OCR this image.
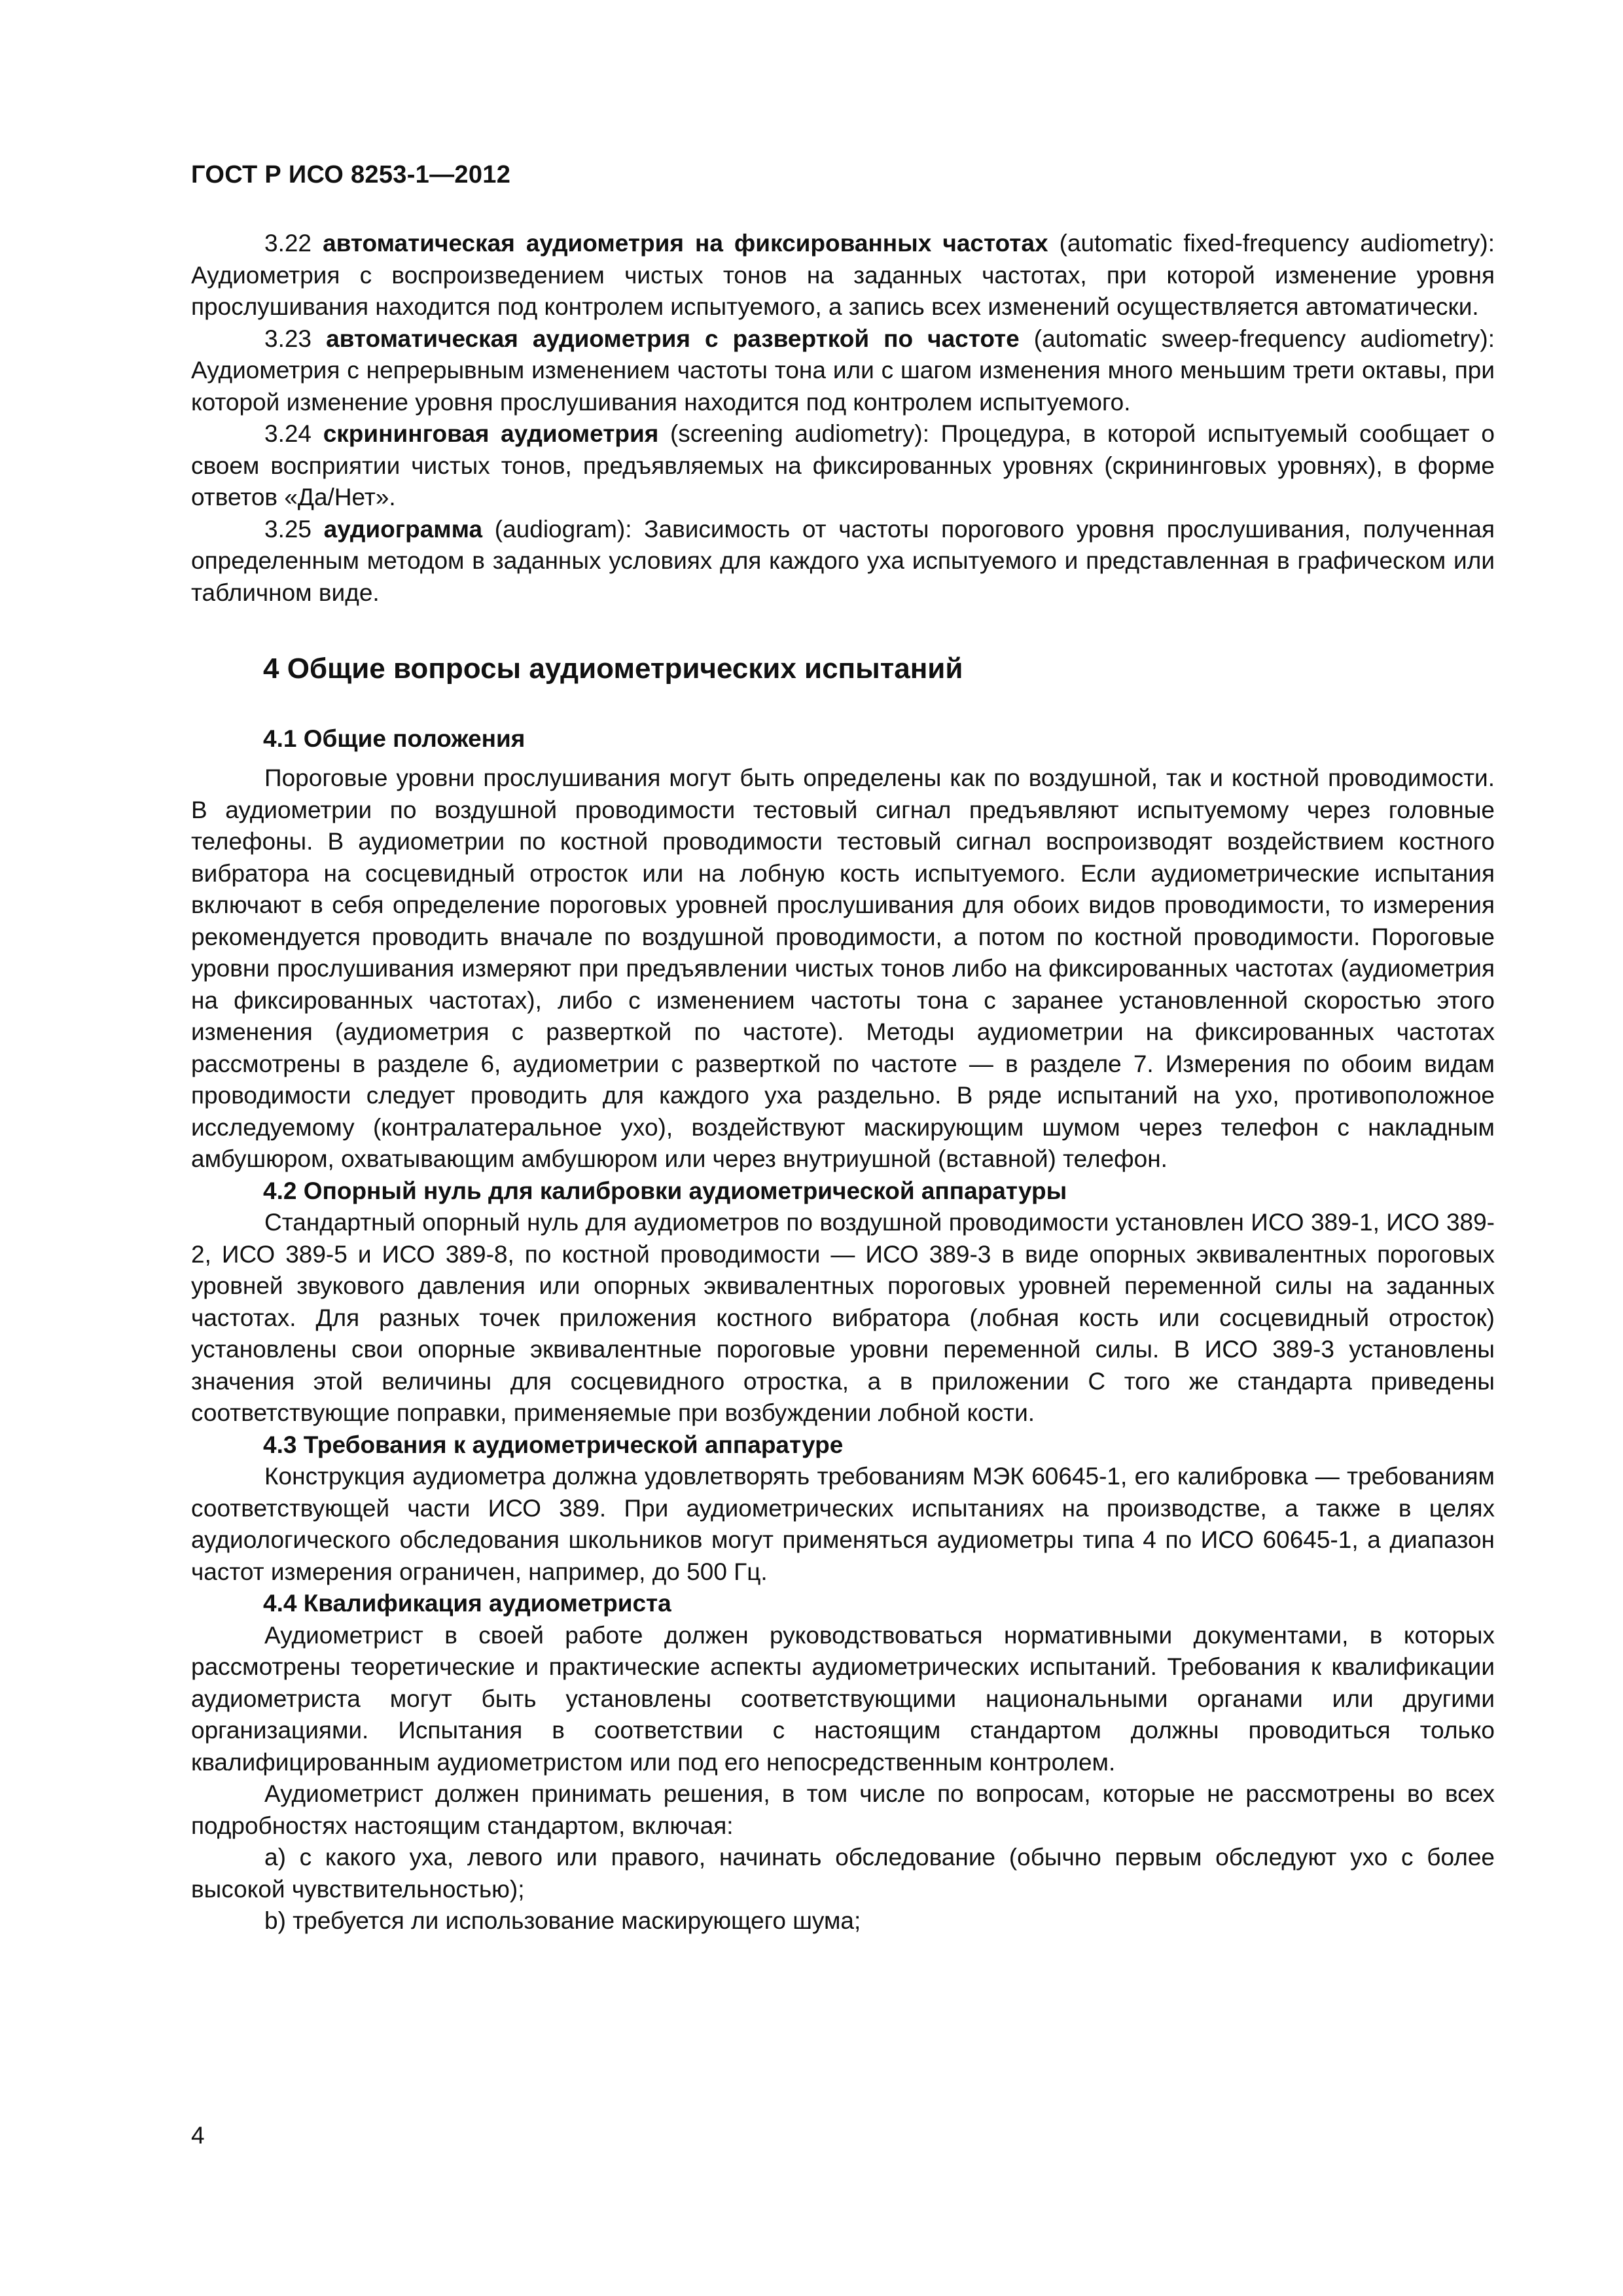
ГОСТ Р ИСО 8253-1—2012

3.22 автоматическая аудиометрия на фиксированных частотах (automatic fixed-frequency audiometry): Аудиометрия с воспроизведением чистых тонов на заданных частотах, при которой изменение уровня прослушивания находится под контролем испытуемого, а запись всех изменений осуществляется автоматически.

3.23 автоматическая аудиометрия с разверткой по частоте (automatic sweep-frequency audiometry): Аудиометрия с непрерывным изменением частоты тона или с шагом изменения много меньшим трети октавы, при которой изменение уровня прослушивания находится под контролем испытуемого.

3.24 скрининговая аудиометрия (screening audiometry): Процедура, в которой испытуемый сообщает о своем восприятии чистых тонов, предъявляемых на фиксированных уровнях (скрининговых уровнях), в форме ответов «Да/Нет».

3.25 аудиограмма (audiogram): Зависимость от частоты порогового уровня прослушивания, полученная определенным методом в заданных условиях для каждого уха испытуемого и представленная в графическом или табличном виде.

4 Общие вопросы аудиометрических испытаний
4.1 Общие положения

Пороговые уровни прослушивания могут быть определены как по воздушной, так и костной проводимости. В аудиометрии по воздушной проводимости тестовый сигнал предъявляют испытуемому через головные телефоны. В аудиометрии по костной проводимости тестовый сигнал воспроизводят воздействием костного вибратора на сосцевидный отросток или на лобную кость испытуемого. Если аудиометрические испытания включают в себя определение пороговых уровней прослушивания для обоих видов проводимости, то измерения рекомендуется проводить вначале по воздушной проводимости, а потом по костной проводимости. Пороговые уровни прослушивания измеряют при предъявлении чистых тонов либо на фиксированных частотах (аудиометрия на фиксированных частотах), либо с изменением частоты тона с заранее установленной скоростью этого изменения (аудиометрия с разверткой по частоте). Методы аудиометрии на фиксированных частотах рассмотрены в разделе 6, аудиометрии с разверткой по частоте — в разделе 7. Измерения по обоим видам проводимости следует проводить для каждого уха раздельно. В ряде испытаний на ухо, противоположное исследуемому (контралатеральное ухо), воздействуют маскирующим шумом через телефон с накладным амбушюром, охватывающим амбушюром или через внутриушной (вставной) телефон.

4.2 Опорный нуль для калибровки аудиометрической аппаратуры

Стандартный опорный нуль для аудиометров по воздушной проводимости установлен ИСО 389-1, ИСО 389-2, ИСО 389-5 и ИСО 389-8, по костной проводимости — ИСО 389-3 в виде опорных эквивалентных пороговых уровней звукового давления или опорных эквивалентных пороговых уровней переменной силы на заданных частотах. Для разных точек приложения костного вибратора (лобная кость или сосцевидный отросток) установлены свои опорные эквивалентные пороговые уровни переменной силы. В ИСО 389-3 установлены значения этой величины для сосцевидного отростка, а в приложении С того же стандарта приведены соответствующие поправки, применяемые при возбуждении лобной кости.

4.3 Требования к аудиометрической аппаратуре

Конструкция аудиометра должна удовлетворять требованиям МЭК 60645-1, его калибровка — требованиям соответствующей части ИСО 389. При аудиометрических испытаниях на производстве, а также в целях аудиологического обследования школьников могут применяться аудиометры типа 4 по ИСО 60645-1, а диапазон частот измерения ограничен, например, до 500 Гц.

4.4 Квалификация аудиометриста

Аудиометрист в своей работе должен руководствоваться нормативными документами, в которых рассмотрены теоретические и практические аспекты аудиометрических испытаний. Требования к квалификации аудиометриста могут быть установлены соответствующими национальными органами или другими организациями. Испытания в соответствии с настоящим стандартом должны проводиться только квалифицированным аудиометристом или под его непосредственным контролем.

Аудиометрист должен принимать решения, в том числе по вопросам, которые не рассмотрены во всех подробностях настоящим стандартом, включая:

a) с какого уха, левого или правого, начинать обследование (обычно первым обследуют ухо с более высокой чувствительностью);

b) требуется ли использование маскирующего шума;

4
